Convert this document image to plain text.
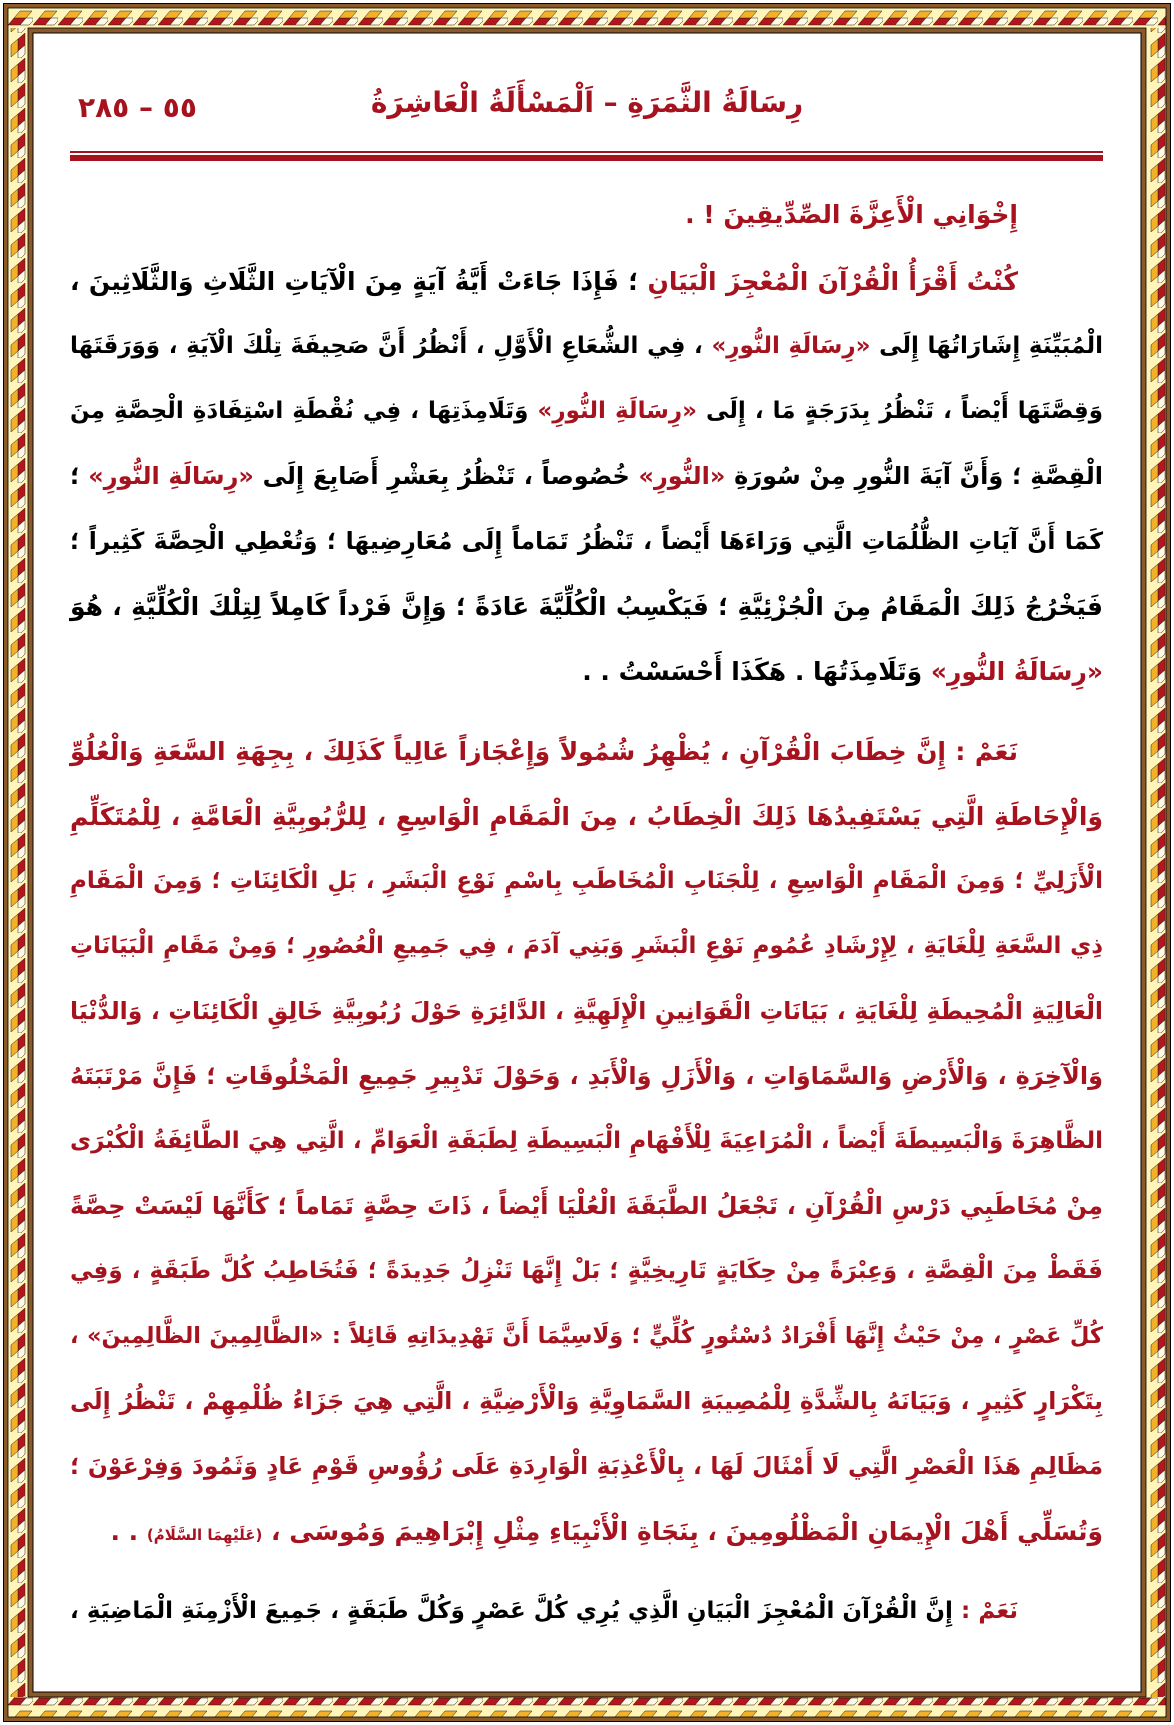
٥٥ – ٢٨٥	رِسَالَةُ الثَّمَرَةِ – اَلْمَسْأَلَةُ الْعَاشِرَةُ
إِخْوَانِي الْأَعِزَّةَ الصِّدِّيقِينَ ! .
كُنْتُ أَقْرَأُ الْقُرْآنَ الْمُعْجِزَ الْبَيَانِ ؛ فَإِذَا جَاءَتْ أَيَّةُ آيَةٍ مِنَ الْآيَاتِ الثَّلَاثِ وَالثَّلَاثِينَ ،
الْمُبَيِّنَةِ إِشَارَاتُهَا إِلَى «رِسَالَةِ النُّورِ» ، فِي الشُّعَاعِ الْأَوَّلِ ، أَنْظُرُ أَنَّ صَحِيفَةَ تِلْكَ الْآيَةِ ، وَوَرَقَتَهَا
وَقِصَّتَهَا أَيْضاً ، تَنْظُرُ بِدَرَجَةٍ مَا ، إِلَى «رِسَالَةِ النُّورِ» وَتَلَامِذَتِهَا ، فِي نُقْطَةِ اسْتِفَادَةِ الْحِصَّةِ مِنَ
الْقِصَّةِ ؛ وَأَنَّ آيَةَ النُّورِ مِنْ سُورَةِ «النُّورِ» خُصُوصاً ، تَنْظُرُ بِعَشْرِ أَصَابِعَ إِلَى «رِسَالَةِ النُّورِ» ؛
كَمَا أَنَّ آيَاتِ الظُّلُمَاتِ الَّتِي وَرَاءَهَا أَيْضاً ، تَنْظُرُ تَمَاماً إِلَى مُعَارِضِيهَا ؛ وَتُعْطِي الْحِصَّةَ كَثِيراً ؛
فَيَخْرُجُ ذَلِكَ الْمَقَامُ مِنَ الْجُزْئِيَّةِ ؛ فَيَكْسِبُ الْكُلِّيَّةَ عَادَةً ؛ وَإِنَّ فَرْداً كَامِلاً لِتِلْكَ الْكُلِّيَّةِ ، هُوَ
«رِسَالَةُ النُّورِ» وَتَلَامِذَتُهَا . هَكَذَا أَحْسَسْتُ . .
نَعَمْ : إِنَّ خِطَابَ الْقُرْآنِ ، يُظْهِرُ شُمُولاً وَإِعْجَازاً عَالِياً كَذَلِكَ ، بِجِهَةِ السَّعَةِ وَالْعُلُوِّ
وَالْإِحَاطَةِ الَّتِي يَسْتَفِيدُهَا ذَلِكَ الْخِطَابُ ، مِنَ الْمَقَامِ الْوَاسِعِ ، لِلرُّبُوبِيَّةِ الْعَامَّةِ ، لِلْمُتَكَلِّمِ
الْأَزَلِيِّ ؛ وَمِنَ الْمَقَامِ الْوَاسِعِ ، لِلْجَنَابِ الْمُخَاطَبِ بِاسْمِ نَوْعِ الْبَشَرِ ، بَلِ الْكَائِنَاتِ ؛ وَمِنَ الْمَقَامِ
ذِي السَّعَةِ لِلْغَايَةِ ، لِإِرْشَادِ عُمُومِ نَوْعِ الْبَشَرِ وَبَنِي آدَمَ ، فِي جَمِيعِ الْعُصُورِ ؛ وَمِنْ مَقَامِ الْبَيَانَاتِ
الْعَالِيَةِ الْمُحِيطَةِ لِلْغَايَةِ ، بَيَانَاتِ الْقَوَانِينِ الْإِلَهِيَّةِ ، الدَّائِرَةِ حَوْلَ رُبُوبِيَّةِ خَالِقِ الْكَائِنَاتِ ، وَالدُّنْيَا
وَالْآخِرَةِ ، وَالْأَرْضِ وَالسَّمَاوَاتِ ، وَالْأَزَلِ وَالْأَبَدِ ، وَحَوْلَ تَدْبِيرِ جَمِيعِ الْمَخْلُوقَاتِ ؛ فَإِنَّ مَرْتَبَتَهُ
الظَّاهِرَةَ وَالْبَسِيطَةَ أَيْضاً ، الْمُرَاعِيَةَ لِلْأَفْهَامِ الْبَسِيطَةِ لِطَبَقَةِ الْعَوَامِّ ، الَّتِي هِيَ الطَّائِفَةُ الْكُبْرَى
مِنْ مُخَاطَبِي دَرْسِ الْقُرْآنِ ، تَجْعَلُ الطَّبَقَةَ الْعُلْيَا أَيْضاً ، ذَاتَ حِصَّةٍ تَمَاماً ؛ كَأَنَّهَا لَيْسَتْ حِصَّةً
فَقَطْ مِنَ الْقِصَّةِ ، وَعِبْرَةً مِنْ حِكَايَةٍ تَارِيخِيَّةٍ ؛ بَلْ إِنَّهَا تَنْزِلُ جَدِيدَةً ؛ فَتُخَاطِبُ كُلَّ طَبَقَةٍ ، وَفِي
كُلِّ عَصْرٍ ، مِنْ حَيْثُ إِنَّهَا أَفْرَادُ دُسْتُورٍ كُلِّيٍّ ؛ وَلَاسِيَّمَا أَنَّ تَهْدِيدَاتِهِ قَائِلاً : «الظَّالِمِينَ الظَّالِمِينَ» ،
بِتَكْرَارٍ كَثِيرٍ ، وَبَيَانَهُ بِالشِّدَّةِ لِلْمُصِيبَةِ السَّمَاوِيَّةِ وَالْأَرْضِيَّةِ ، الَّتِي هِيَ جَزَاءُ ظُلْمِهِمْ ، تَنْظُرُ إِلَى
مَظَالِمِ هَذَا الْعَصْرِ الَّتِي لَا أَمْثَالَ لَهَا ، بِالْأَعْذِبَةِ الْوَارِدَةِ عَلَى رُؤُوسِ قَوْمِ عَادٍ وَثَمُودَ وَفِرْعَوْنَ ؛
وَتُسَلِّي أَهْلَ الْإِيمَانِ الْمَظْلُومِينَ ، بِنَجَاةِ الْأَنْبِيَاءِ مِثْلِ إِبْرَاهِيمَ وَمُوسَى ، (عَلَيْهِمَا السَّلَامُ) . .
نَعَمْ : إِنَّ الْقُرْآنَ الْمُعْجِزَ الْبَيَانِ الَّذِي يُرِي كُلَّ عَصْرٍ وَكُلَّ طَبَقَةٍ ، جَمِيعَ الْأَزْمِنَةِ الْمَاضِيَةِ ،
